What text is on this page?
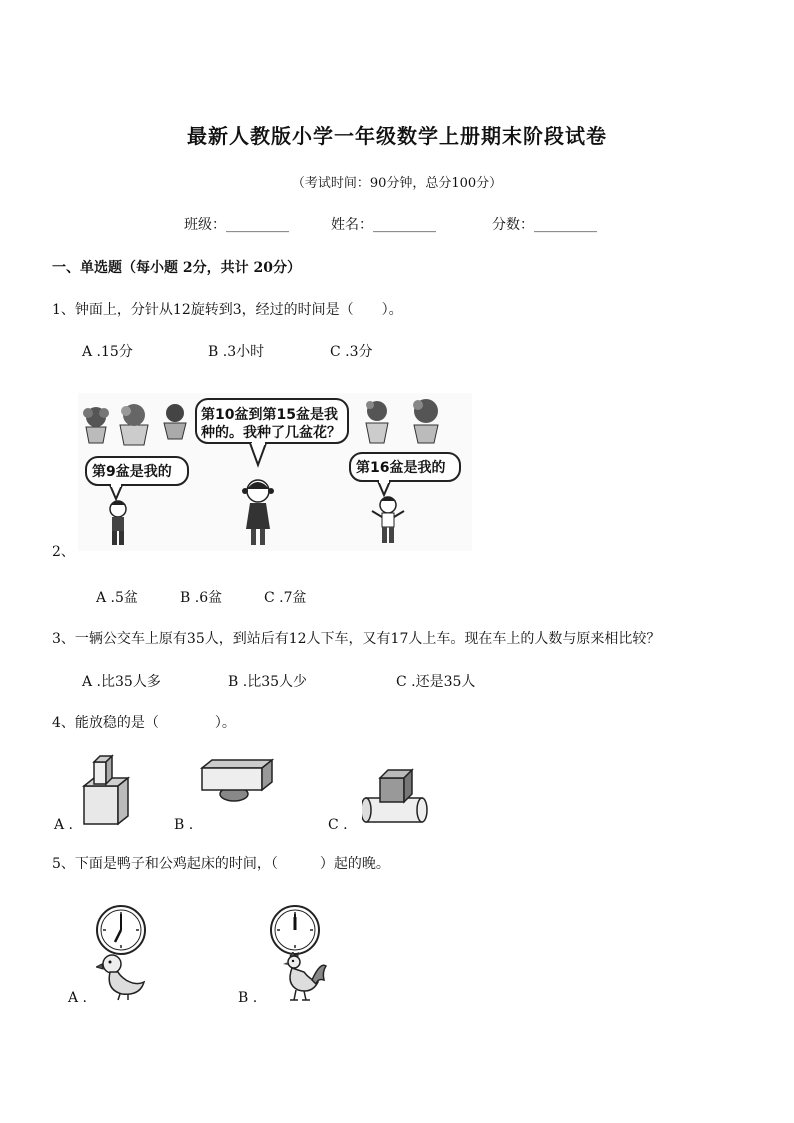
最新人教版小学一年级数学上册期末阶段试卷
（考试时间：90分钟，总分100分）
班级：_________	姓名：_________	分数：_________
一、单选题（每小题 2分，共计 20分）
1、钟面上，分针从12旋转到3，经过的时间是（　　）。
A .15分	B .3小时	C .3分
第10盆到第15盆是我
种的。我种了几盆花？
第9盆是我的	第16盆是我的
2、
A .5盆	B .6盆	C .7盆
3、一辆公交车上原有35人，到站后有12人下车，又有17人上车。现在车上的人数与原来相比较？
A .比35人多	B .比35人少	C .还是35人
4、能放稳的是（　　　　）。
A .	B .	C .
5、下面是鸭子和公鸡起床的时间，（　　　）起的晚。
A .	B .
